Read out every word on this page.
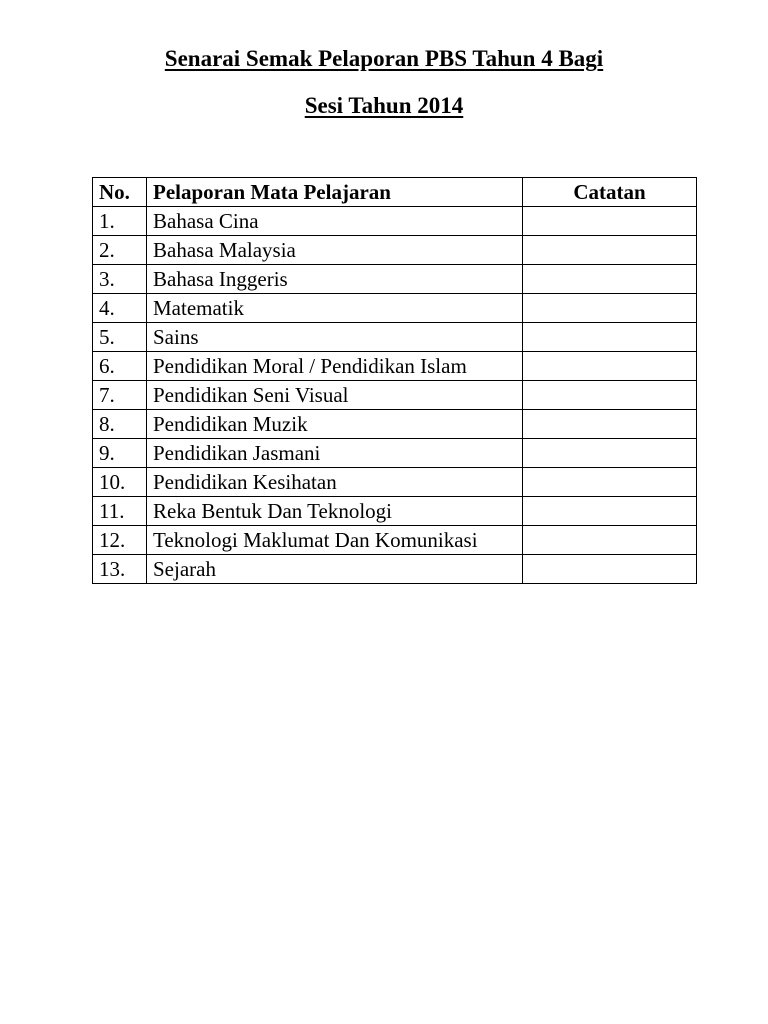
Senarai Semak Pelaporan PBS Tahun 4 Bagi
Sesi Tahun 2014
No.	Pelaporan Mata Pelajaran	Catatan
1.	Bahasa Cina	
2.	Bahasa Malaysia	
3.	Bahasa Inggeris	
4.	Matematik	
5.	Sains	
6.	Pendidikan Moral / Pendidikan Islam	
7.	Pendidikan Seni Visual	
8.	Pendidikan Muzik	
9.	Pendidikan Jasmani	
10.	Pendidikan Kesihatan	
11.	Reka Bentuk Dan Teknologi	
12.	Teknologi Maklumat Dan Komunikasi	
13.	Sejarah	
